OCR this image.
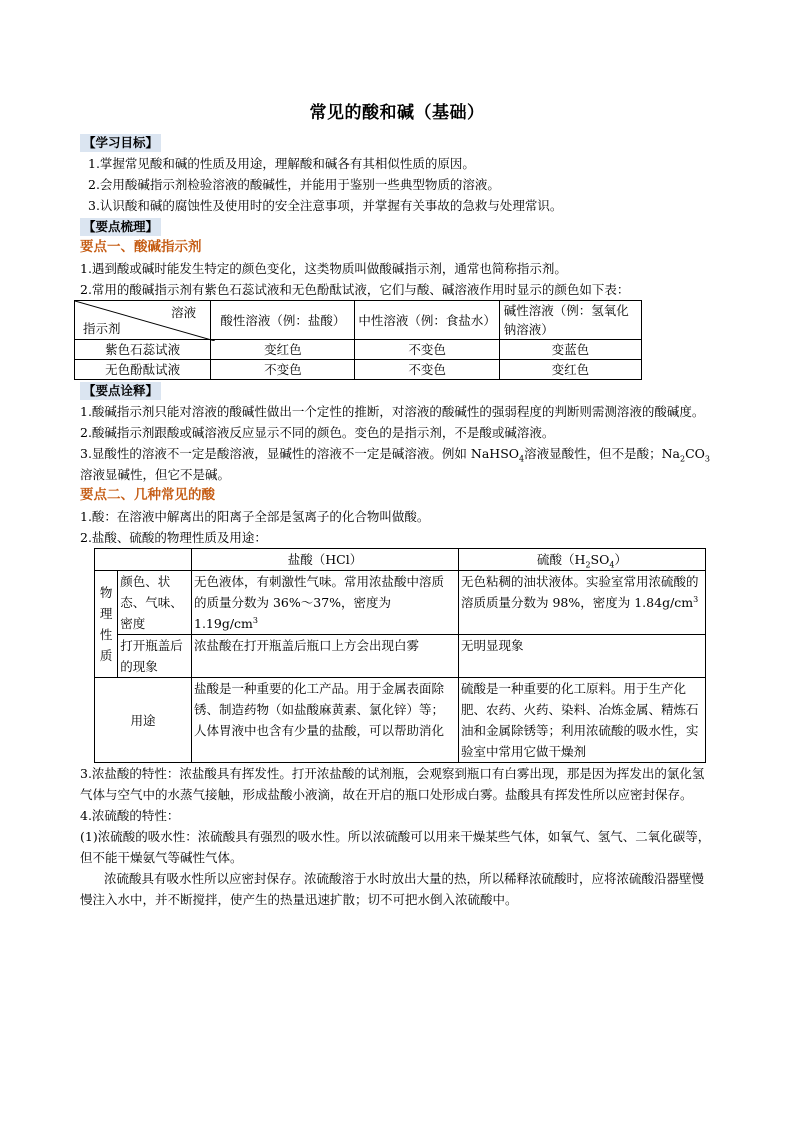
常见的酸和碱（基础）
【学习目标】

1.掌握常见酸和碱的性质及用途，理解酸和碱各有其相似性质的原因。

2.会用酸碱指示剂检验溶液的酸碱性，并能用于鉴别一些典型物质的溶液。

3.认识酸和碱的腐蚀性及使用时的安全注意事项，并掌握有关事故的急救与处理常识。

【要点梳理】

要点一、酸碱指示剂

1.遇到酸或碱时能发生特定的颜色变化，这类物质叫做酸碱指示剂，通常也简称指示剂。

2.常用的酸碱指示剂有紫色石蕊试液和无色酚酞试液，它们与酸、碱溶液作用时显示的颜色如下表：

溶液
指示剂	酸性溶液（例：盐酸）	中性溶液（例：食盐水）	碱性溶液（例：氢氧化钠溶液）
紫色石蕊试液	变红色	不变色	变蓝色
无色酚酞试液	不变色	不变色	变红色
【要点诠释】

1.酸碱指示剂只能对溶液的酸碱性做出一个定性的推断，对溶液的酸碱性的强弱程度的判断则需测溶液的酸碱度。

2.酸碱指示剂跟酸或碱溶液反应显示不同的颜色。变色的是指示剂，不是酸或碱溶液。

3.显酸性的溶液不一定是酸溶液，显碱性的溶液不一定是碱溶液。例如 NaHSO$_4$溶液显酸性，但不是酸；$Na_2CO_3$溶液显碱性，但它不是碱。

要点二、几种常见的酸

1.酸：在溶液中解离出的阳离子全部是氢离子的化合物叫做酸。

2.盐酸、硫酸的物理性质及用途：

		盐酸（HCl）	硫酸$(H_2SO_4)$

物
理
性
质	颜色、状态、气味、密度	无色液体，有刺激性气味。常用浓盐酸中溶质的质量分数为 36%～37%，密度为 $1.19g/cm^3$	无色粘稠的油状液体。实验室常用浓硫酸的溶质质量分数为 98%，密度为 $1.84g/cm^3$
	打开瓶盖后的现象	浓盐酸在打开瓶盖后瓶口上方会出现白雾	无明显现象
用途		盐酸是一种重要的化工产品。用于金属表面除锈、制造药物（如盐酸麻黄素、氯化锌）等；人体胃液中也含有少量的盐酸，可以帮助消化	硫酸是一种重要的化工原料。用于生产化肥、农药、火药、染料、冶炼金属、精炼石油和金属除锈等；利用浓硫酸的吸水性，实验室中常用它做干燥剂

3.浓盐酸的特性：浓盐酸具有挥发性。打开浓盐酸的试剂瓶，会观察到瓶口有白雾出现，那是因为挥发出的氯化氢气体与空气中的水蒸气接触，形成盐酸小液滴，故在开启的瓶口处形成白雾。盐酸具有挥发性所以应密封保存。

4.浓硫酸的特性：

(1)浓硫酸的吸水性：浓硫酸具有强烈的吸水性。所以浓硫酸可以用来干燥某些气体，如氧气、氢气、二氧化碳等，但不能干燥氨气等碱性气体。

浓硫酸具有吸水性所以应密封保存。浓硫酸溶于水时放出大量的热，所以稀释浓硫酸时，应将浓硫酸沿器壁慢慢注入水中，并不断搅拌，使产生的热量迅速扩散；切不可把水倒入浓硫酸中。
